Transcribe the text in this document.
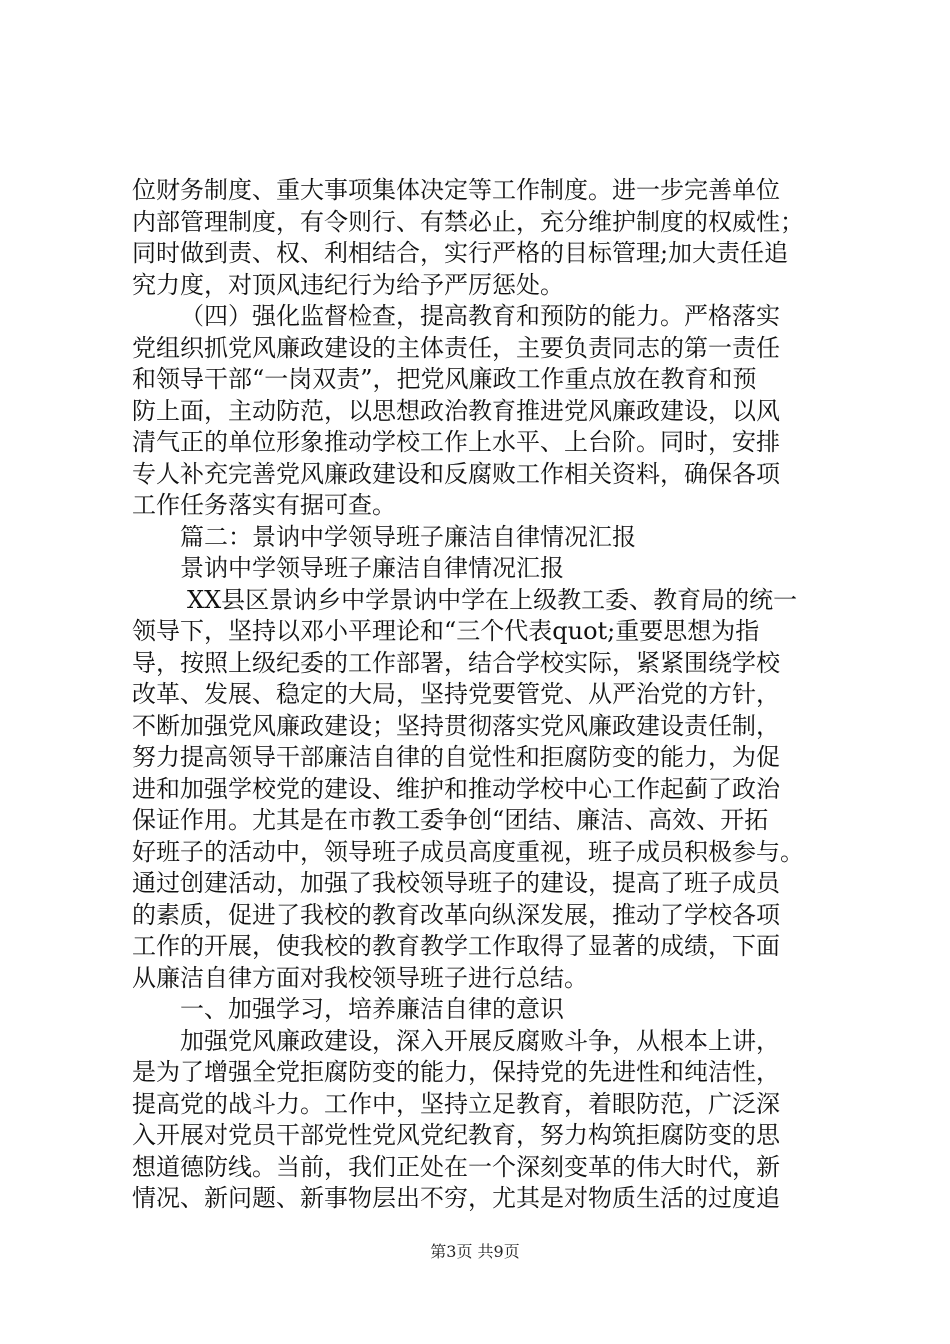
位财务制度、重大事项集体决定等工作制度。进一步完善单位
内部管理制度，有令则行、有禁必止，充分维护制度的权威性；
同时做到责、权、利相结合，实行严格的目标管理;加大责任追
究力度，对顶风违纪行为给予严厉惩处。
（四）强化监督检查，提高教育和预防的能力。严格落实
党组织抓党风廉政建设的主体责任，主要负责同志的第一责任
和领导干部“一岗双责”，把党风廉政工作重点放在教育和预
防上面，主动防范，以思想政治教育推进党风廉政建设，以风
清气正的单位形象推动学校工作上水平、上台阶。同时，安排
专人补充完善党风廉政建设和反腐败工作相关资料，确保各项
工作任务落实有据可查。
篇二：景讷中学领导班子廉洁自律情况汇报
景讷中学领导班子廉洁自律情况汇报
XX县区景讷乡中学景讷中学在上级教工委、教育局的统一
领导下，坚持以邓小平理论和“三个代表quot;重要思想为指
导，按照上级纪委的工作部署，结合学校实际，紧紧围绕学校
改革、发展、稳定的大局，坚持党要管党、从严治党的方针，
不断加强党风廉政建设；坚持贯彻落实党风廉政建设责任制，
努力提高领导干部廉洁自律的自觉性和拒腐防变的能力，为促
进和加强学校党的建设、维护和推动学校中心工作起蓟了政治
保证作用。尤其是在市教工委争创“团结、廉洁、高效、开拓
好班子的活动中，领导班子成员高度重视，班子成员积极参与。
通过创建活动，加强了我校领导班子的建设，提高了班子成员
的素质，促进了我校的教育改革向纵深发展，推动了学校各项
工作的开展，使我校的教育教学工作取得了显著的成绩，下面
从廉洁自律方面对我校领导班子进行总结。
一、加强学习，培养廉洁自律的意识
加强党风廉政建设，深入开展反腐败斗争，从根本上讲，
是为了增强全党拒腐防变的能力，保持党的先进性和纯洁性，
提高党的战斗力。工作中，坚持立足教育，着眼防范，广泛深
入开展对党员干部党性党风党纪教育，努力构筑拒腐防变的思
想道德防线。当前，我们正处在一个深刻变革的伟大时代，新
情况、新问题、新事物层出不穷，尤其是对物质生活的过度追
第3页 共9页
